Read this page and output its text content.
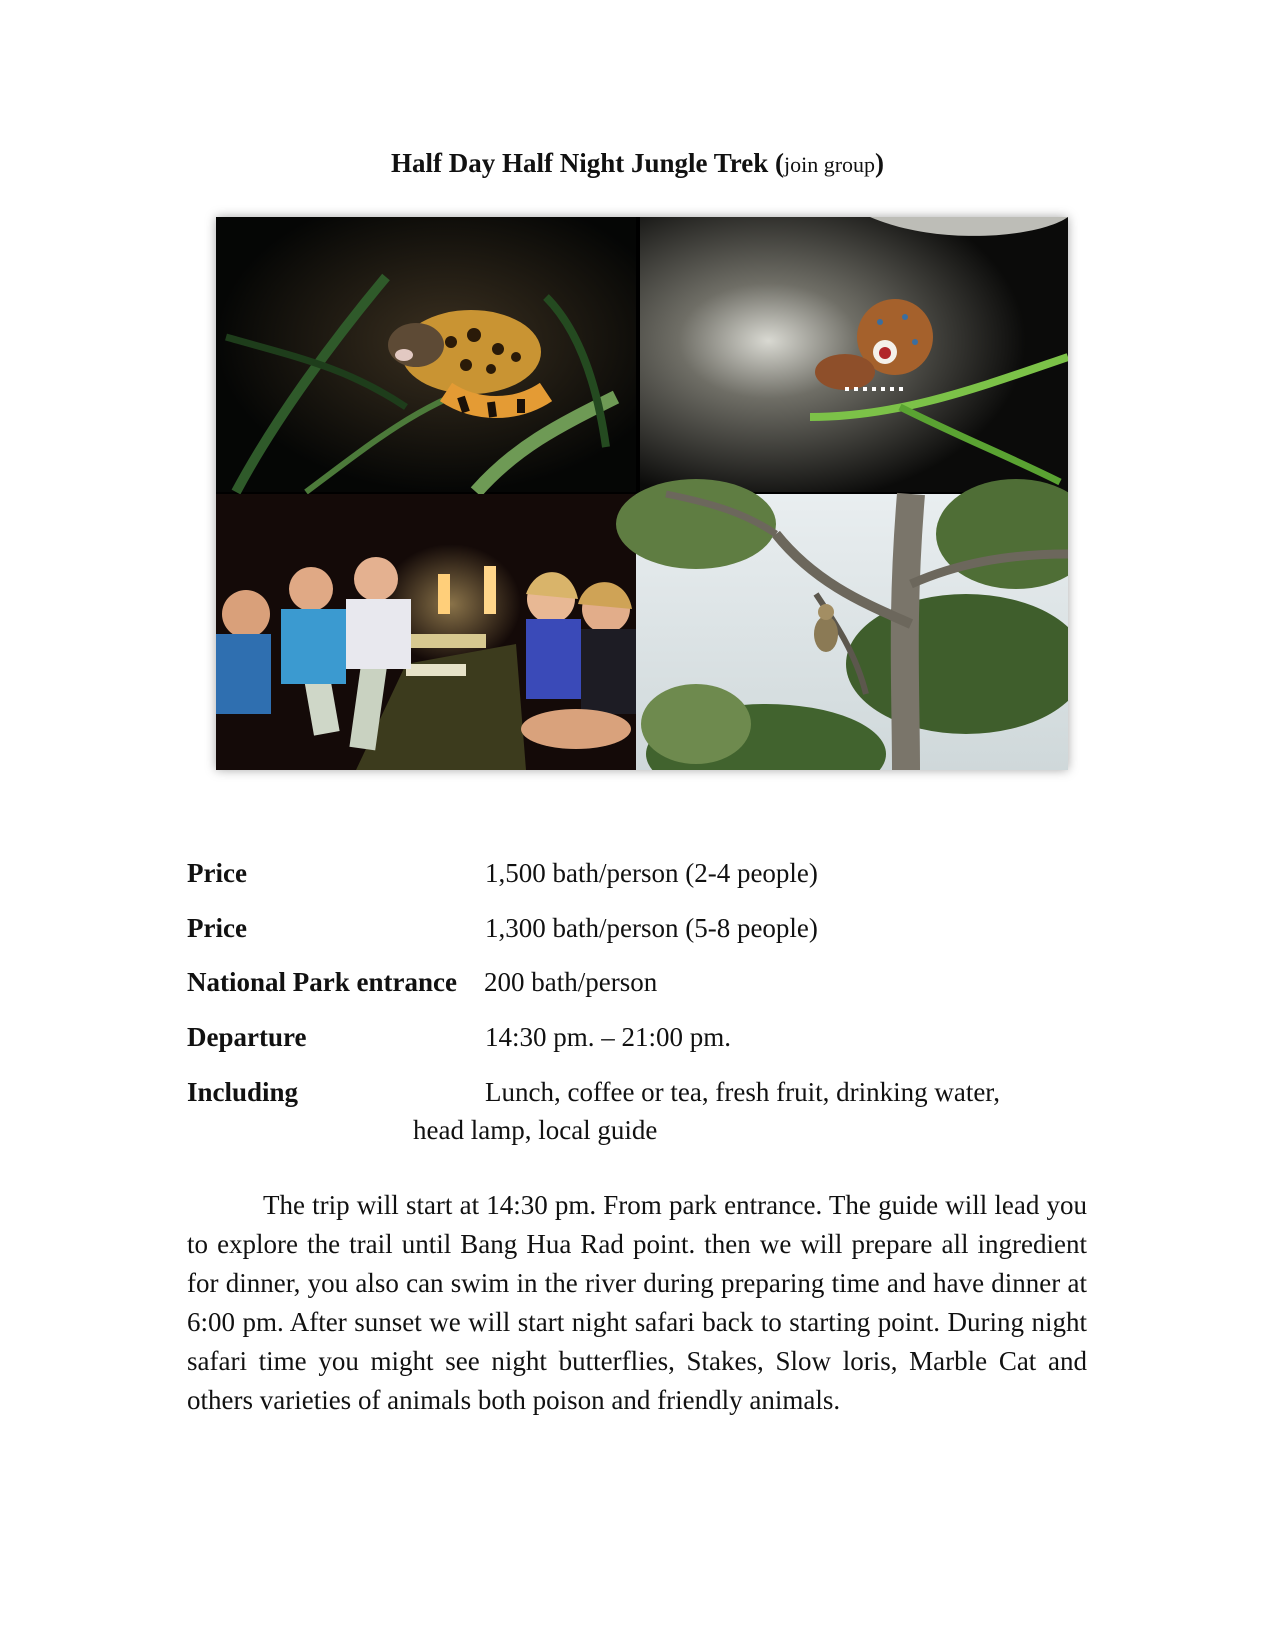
Half Day Half Night Jungle Trek (join group)
Price	1,500 bath/person (2-4 people)
Price	1,300 bath/person (5-8 people)
National Park entrance 200 bath/person
Departure	14:30 pm. – 21:00 pm.
Including	Lunch, coffee or tea, fresh fruit, drinking water,
head lamp, local guide
The trip will start at 14:30 pm. From park entrance. The guide will lead you to explore the trail until Bang Hua Rad point. then we will prepare all ingredient for dinner, you also can swim in the river during preparing time and have dinner at 6:00 pm. After sunset we will start night safari back to starting point. During night safari time you might see night butterflies, Stakes, Slow loris, Marble Cat and others varieties of animals both poison and friendly animals.
